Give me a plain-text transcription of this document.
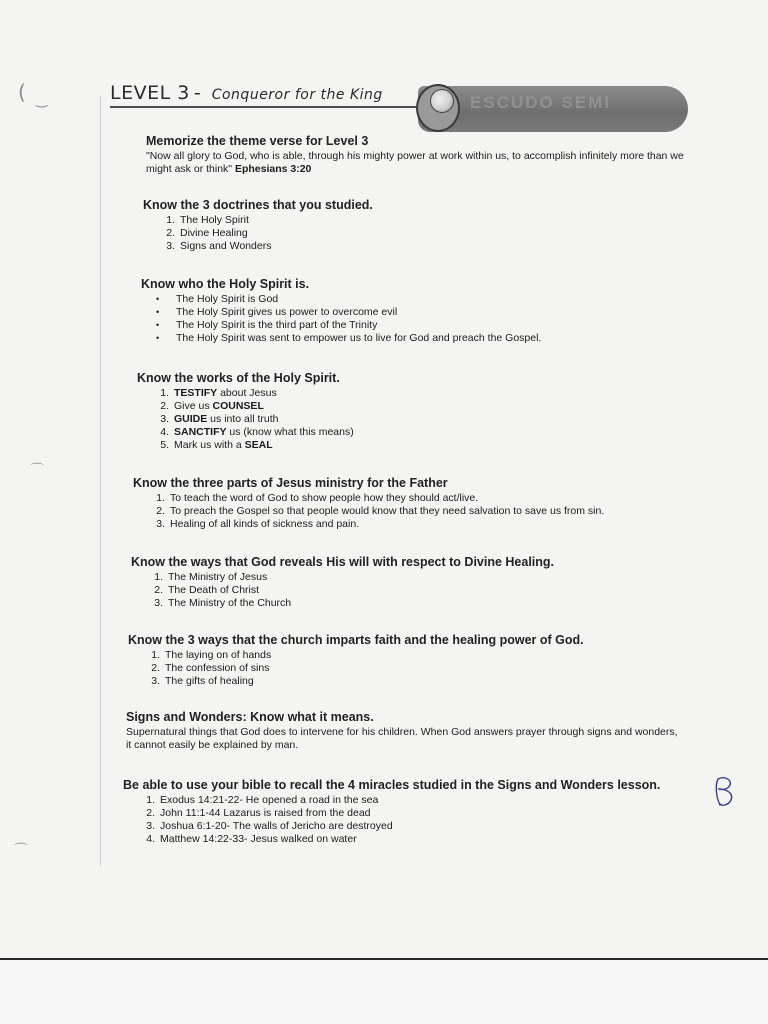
( ‿
⌒
⌒
LEVEL 3 - Conqueror for the King	ESCUDO SEMI

Memorize the theme verse for Level 3

"Now all glory to God, who is able, through his mighty power at work within us, to accomplish infinitely more than we might ask or think" Ephesians 3:20

Know the 3 doctrines that you studied.

1. The Holy Spirit
2. Divine Healing
3. Signs and Wonders

Know who the Holy Spirit is.

• The Holy Spirit is God
• The Holy Spirit gives us power to overcome evil
• The Holy Spirit is the third part of the Trinity
• The Holy Spirit was sent to empower us to live for God and preach the Gospel.

Know the works of the Holy Spirit.

1. TESTIFY about Jesus
2. Give us COUNSEL
3. GUIDE us into all truth
4. SANCTIFY us (know what this means)
5. Mark us with a SEAL

Know the three parts of Jesus ministry for the Father

1. To teach the word of God to show people how they should act/live.
2. To preach the Gospel so that people would know that they need salvation to save us from sin.
3. Healing of all kinds of sickness and pain.

Know the ways that God reveals His will with respect to Divine Healing.

1. The Ministry of Jesus
2. The Death of Christ
3. The Ministry of the Church

Know the 3 ways that the church imparts faith and the healing power of God.

1. The laying on of hands
2. The confession of sins
3. The gifts of healing

Signs and Wonders: Know what it means.

Supernatural things that God does to intervene for his children. When God answers prayer through signs and wonders, it cannot easily be explained by man.

Be able to use your bible to recall the 4 miracles studied in the Signs and Wonders lesson.

1. Exodus 14:21-22- He opened a road in the sea
2. John 11:1-44 Lazarus is raised from the dead
3. Joshua 6:1-20- The walls of Jericho are destroyed
4. Matthew 14:22-33- Jesus walked on water
